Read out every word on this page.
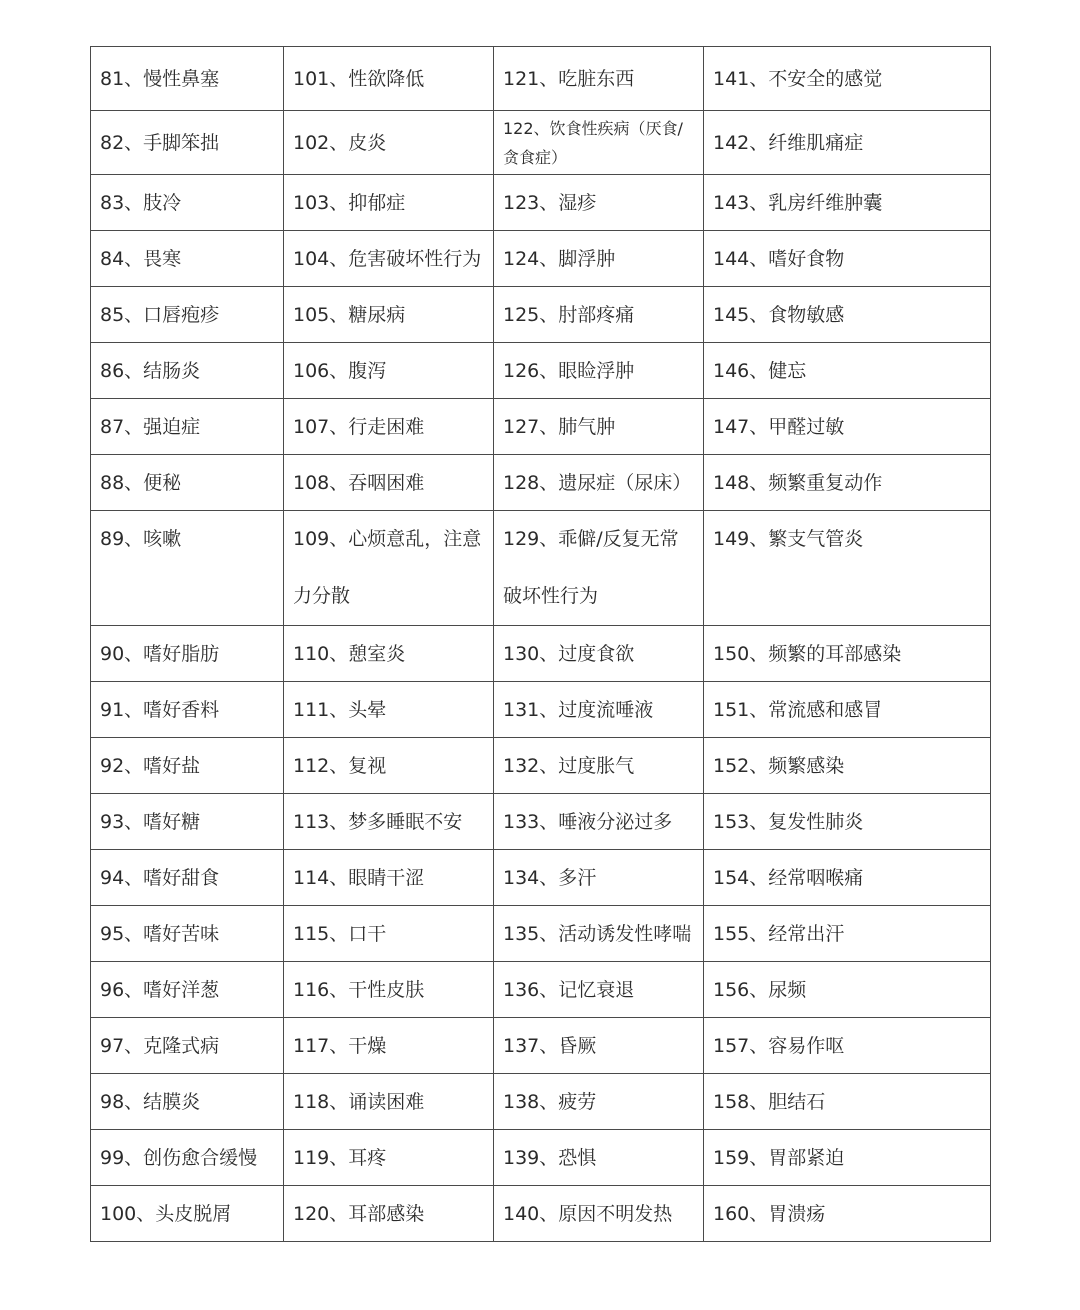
81、慢性鼻塞	101、性欲降低	121、吃脏东西	141、不安全的感觉
82、手脚笨拙	102、皮炎	122、饮食性疾病（厌食/贪食症）	142、纤维肌痛症
83、肢冷	103、抑郁症	123、湿疹	143、乳房纤维肿囊
84、畏寒	104、危害破坏性行为	124、脚浮肿	144、嗜好食物
85、口唇疱疹	105、糖尿病	125、肘部疼痛	145、食物敏感
86、结肠炎	106、腹泻	126、眼睑浮肿	146、健忘
87、强迫症	107、行走困难	127、肺气肿	147、甲醛过敏
88、便秘	108、吞咽困难	128、遗尿症（尿床）	148、频繁重复动作

89、咳嗽	109、心烦意乱，注意力分散	129、乖僻/反复无常破坏性行为	149、繁支气管炎

90、嗜好脂肪	110、憩室炎	130、过度食欲	150、频繁的耳部感染
91、嗜好香料	111、头晕	131、过度流唾液	151、常流感和感冒
92、嗜好盐	112、复视	132、过度胀气	152、频繁感染
93、嗜好糖	113、梦多睡眠不安	133、唾液分泌过多	153、复发性肺炎
94、嗜好甜食	114、眼睛干涩	134、多汗	154、经常咽喉痛
95、嗜好苦味	115、口干	135、活动诱发性哮喘	155、经常出汗
96、嗜好洋葱	116、干性皮肤	136、记忆衰退	156、尿频
97、克隆式病	117、干燥	137、昏厥	157、容易作呕
98、结膜炎	118、诵读困难	138、疲劳	158、胆结石
99、创伤愈合缓慢	119、耳疼	139、恐惧	159、胃部紧迫
100、头皮脱屑	120、耳部感染	140、原因不明发热	160、胃溃疡
